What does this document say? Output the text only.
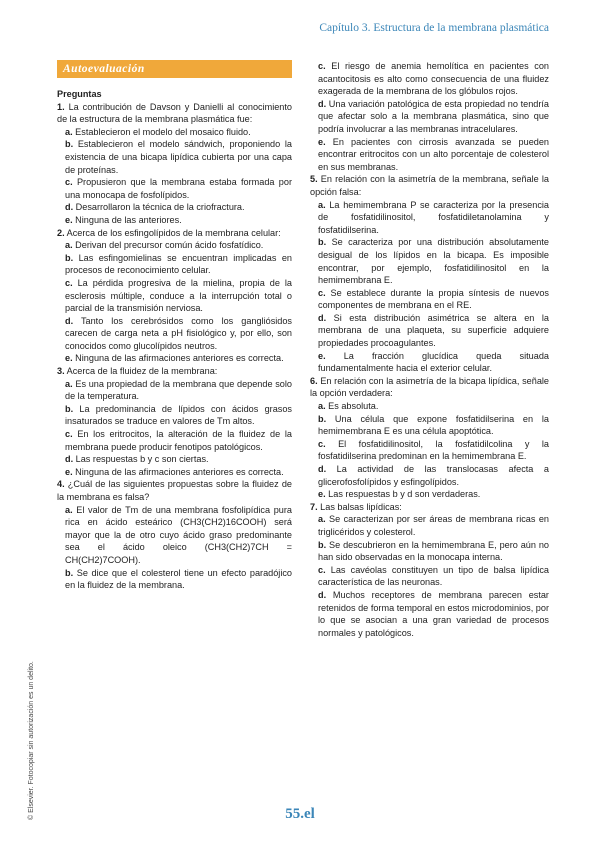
Capítulo 3. Estructura de la membrana plasmática
Autoevaluación

Preguntas

1. La contribución de Davson y Danielli al conocimiento de la estructura de la membrana plasmática fue:

a. Establecieron el modelo del mosaico fluido.

b. Establecieron el modelo sándwich, proponiendo la existencia de una bicapa lipídica cubierta por una capa de proteínas.

c. Propusieron que la membrana estaba formada por una monocapa de fosfolípidos.

d. Desarrollaron la técnica de la criofractura.

e. Ninguna de las anteriores.

2. Acerca de los esfingolípidos de la membrana celular:

a. Derivan del precursor común ácido fosfatídico.

b. Las esfingomielinas se encuentran implicadas en procesos de reconocimiento celular.

c. La pérdida progresiva de la mielina, propia de la esclerosis múltiple, conduce a la interrupción total o parcial de la transmisión nerviosa.

d. Tanto los cerebrósidos como los gangliósidos carecen de carga neta a pH fisiológico y, por ello, son conocidos como glucolípidos neutros.

e. Ninguna de las afirmaciones anteriores es correcta.

3. Acerca de la fluidez de la membrana:

a. Es una propiedad de la membrana que depende solo de la temperatura.

b. La predominancia de lípidos con ácidos grasos insaturados se traduce en valores de Tm altos.

c. En los eritrocitos, la alteración de la fluidez de la membrana puede producir fenotipos patológicos.

d. Las respuestas b y c son ciertas.

e. Ninguna de las afirmaciones anteriores es correcta.

4. ¿Cuál de las siguientes propuestas sobre la fluidez de la membrana es falsa?

a. El valor de Tm de una membrana fosfolipídica pura rica en ácido esteárico (CH3(CH2)16COOH) será mayor que la de otro cuyo ácido graso predominante sea el ácido oleico (CH3(CH2)7CH = CH(CH2)7COOH).

b. Se dice que el colesterol tiene un efecto paradójico en la fluidez de la membrana.

c. El riesgo de anemia hemolítica en pacientes con acantocitosis es alto como consecuencia de una fluidez exagerada de la membrana de los glóbulos rojos.

d. Una variación patológica de esta propiedad no tendría que afectar solo a la membrana plasmática, sino que podría involucrar a las membranas intracelulares.

e. En pacientes con cirrosis avanzada se pueden encontrar eritrocitos con un alto porcentaje de colesterol en sus membranas.

5. En relación con la asimetría de la membrana, señale la opción falsa:

a. La hemimembrana P se caracteriza por la presencia de fosfatidilinositol, fosfatidiletanolamina y fosfatidilserina.

b. Se caracteriza por una distribución absolutamente desigual de los lípidos en la bicapa. Es imposible encontrar, por ejemplo, fosfatidilinositol en la hemimembrana E.

c. Se establece durante la propia síntesis de nuevos componentes de membrana en el RE.

d. Si esta distribución asimétrica se altera en la membrana de una plaqueta, su superficie adquiere propiedades procoagulantes.

e. La fracción glucídica queda situada fundamentalmente hacia el exterior celular.

6. En relación con la asimetría de la bicapa lipídica, señale la opción verdadera:

a. Es absoluta.

b. Una célula que expone fosfatidilserina en la hemimembrana E es una célula apoptótica.

c. El fosfatidilinositol, la fosfatidilcolina y la fosfatidilserina predominan en la hemimembrana E.

d. La actividad de las translocasas afecta a glicerofosfolípidos y esfingolípidos.

e. Las respuestas b y d son verdaderas.

7. Las balsas lipídicas:

a. Se caracterizan por ser áreas de membrana ricas en triglicéridos y colesterol.

b. Se descubrieron en la hemimembrana E, pero aún no han sido observadas en la monocapa interna.

c. Las cavéolas constituyen un tipo de balsa lipídica característica de las neuronas.

d. Muchos receptores de membrana parecen estar retenidos de forma temporal en estos microdominios, por lo que se asocian a una gran variedad de procesos normales y patológicos.

© Elsevier. Fotocopiar sin autorización es un delito.	55.el
